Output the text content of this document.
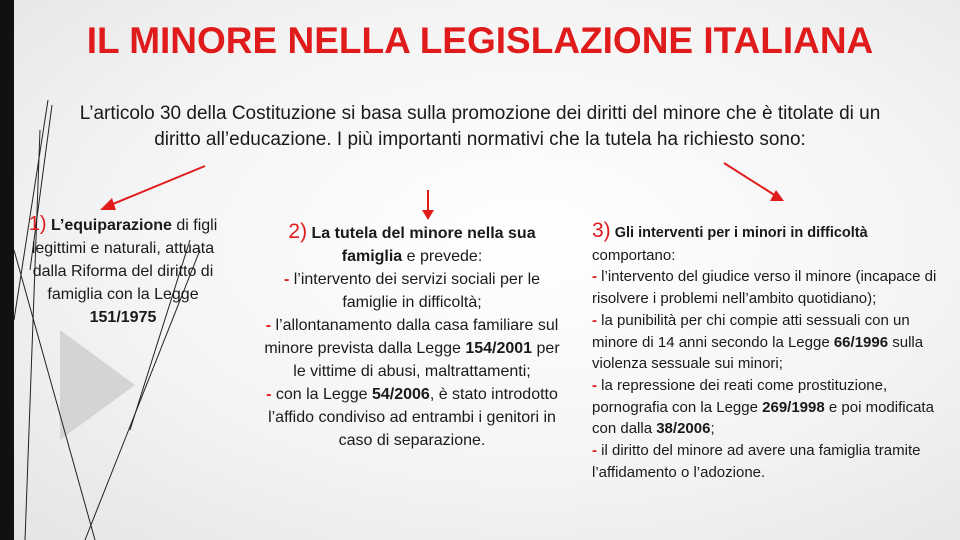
IL MINORE NELLA LEGISLAZIONE ITALIANA
L’articolo 30 della Costituzione si basa sulla promozione dei diritti del minore che è titolate di un diritto all’educazione. I più importanti normativi che la tutela ha richiesto sono:
1) L’equiparazione di figli legittimi e naturali, attuata dalla Riforma del diritto di famiglia con la Legge 151/1975
2) La tutela del minore nella sua famiglia e prevede:
- l’intervento dei servizi sociali per le famiglie in difficoltà;
- l’allontanamento dalla casa familiare sul minore prevista dalla Legge 154/2001 per le vittime di abusi, maltrattamenti;
- con la Legge 54/2006, è stato introdotto l’affido condiviso ad entrambi i genitori in caso di separazione.
3) Gli interventi per i minori in difficoltà
comportano:
- l’intervento del giudice verso il minore (incapace di risolvere i problemi nell’ambito quotidiano);
- la punibilità per chi compie atti sessuali con un minore di 14 anni secondo la Legge 66/1996 sulla violenza sessuale sui minori;
- la repressione dei reati come prostituzione, pornografia con la Legge 269/1998 e poi modificata con dalla 38/2006;
- il diritto del minore ad avere una famiglia tramite l’affidamento o l’adozione.
